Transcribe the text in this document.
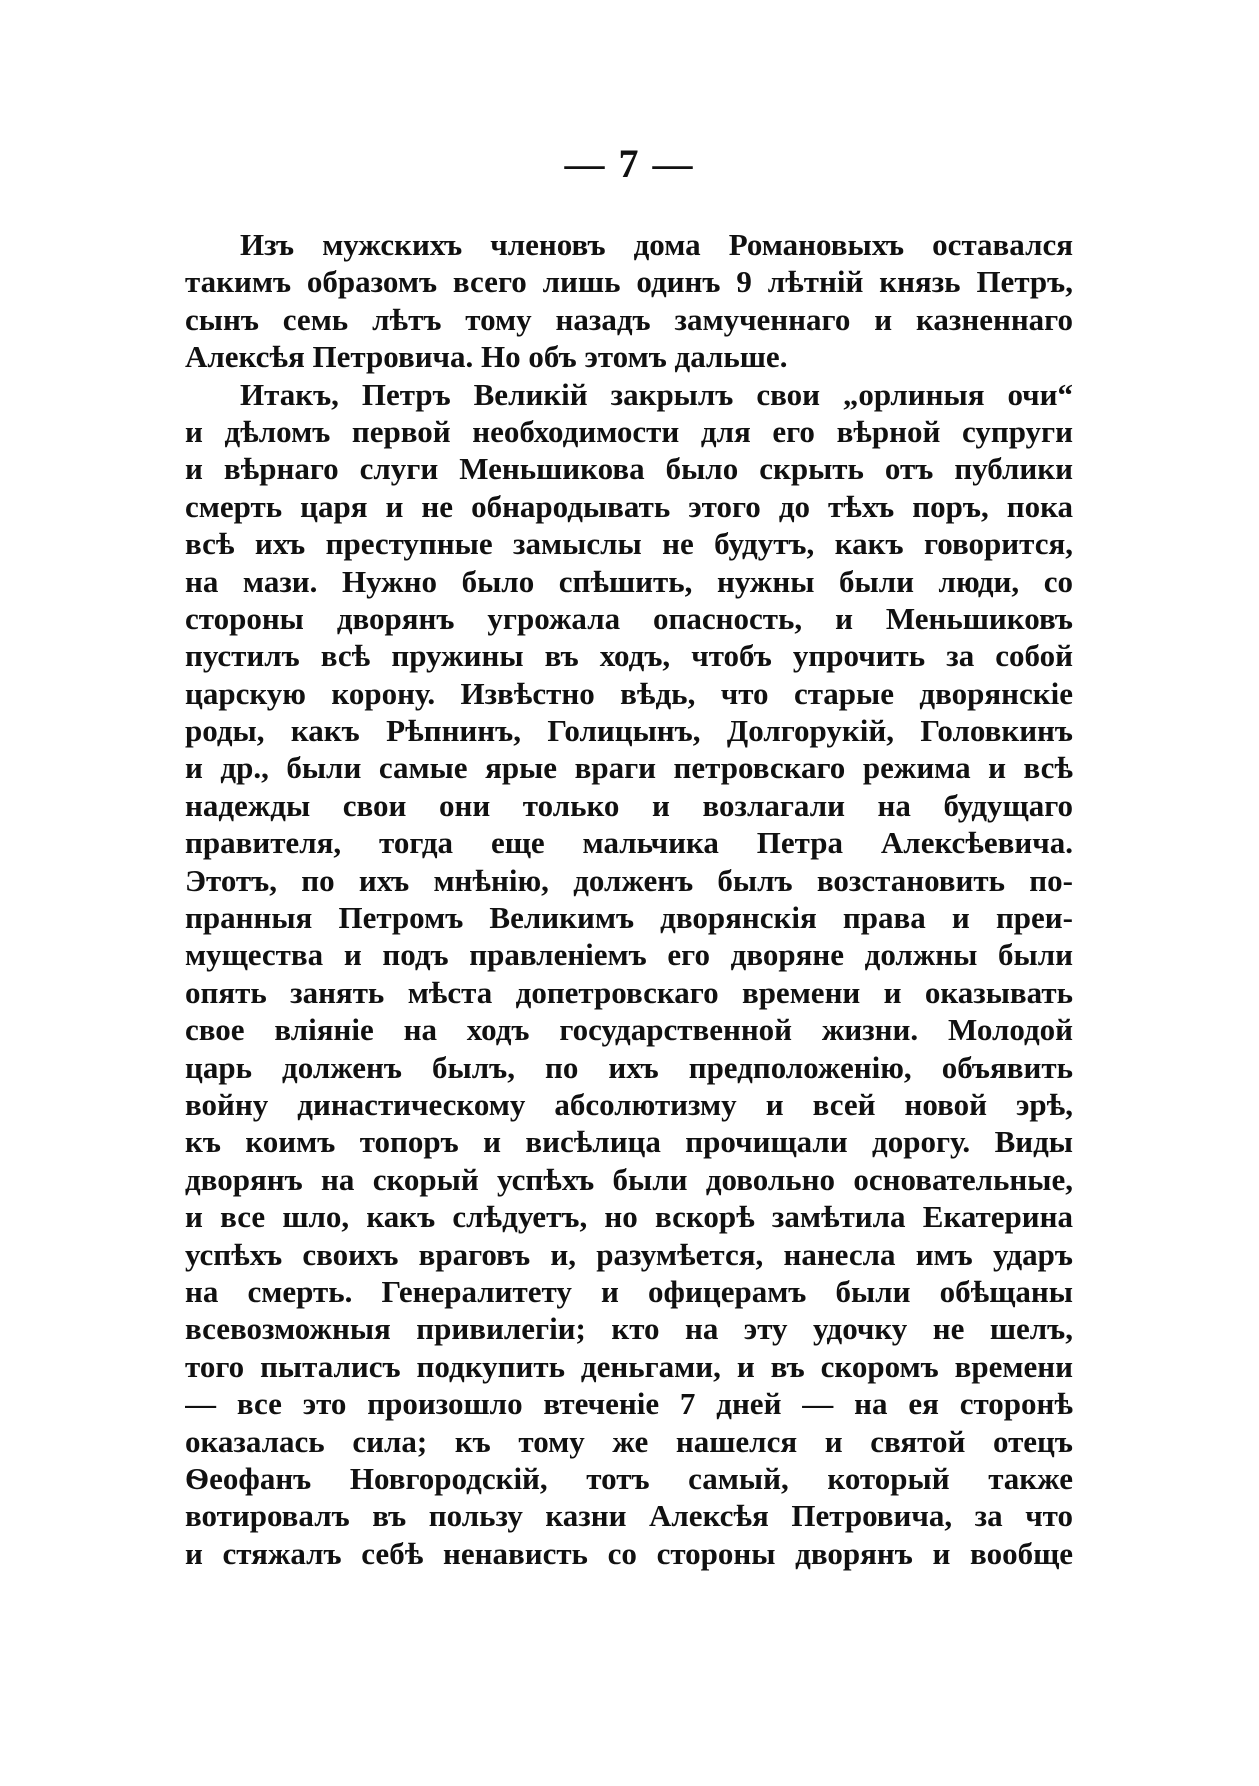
— 7 —
Изъ мужскихъ членовъ дома Романовыхъ оставался
такимъ образомъ всего лишь одинъ 9 лѣтній князь Петръ,
сынъ семь лѣтъ тому назадъ замученнаго и казненнаго
Алексѣя Петровича. Но объ этомъ дальше.
Итакъ, Петръ Великій закрылъ свои „орлиныя очи“
и дѣломъ первой необходимости для его вѣрной супруги
и вѣрнаго слуги Меньшикова было скрыть отъ публики
смерть царя и не обнародывать этого до тѣхъ поръ, пока
всѣ ихъ преступные замыслы не будутъ, какъ говорится,
на мази. Нужно было спѣшить, нужны были люди, со
стороны дворянъ угрожала опасность, и Меньшиковъ
пустилъ всѣ пружины въ ходъ, чтобъ упрочить за собой
царскую корону. Извѣстно вѣдь, что старые дворянскіе
роды, какъ Рѣпнинъ, Голицынъ, Долгорукій, Головкинъ
и др., были самые ярые враги петровскаго режима и всѣ
надежды свои они только и возлагали на будущаго
правителя, тогда еще мальчика Петра Алексѣевича.
Этотъ, по ихъ мнѣнію, долженъ былъ возстановить по-
пранныя Петромъ Великимъ дворянскія права и преи-
мущества и подъ правленіемъ его дворяне должны были
опять занять мѣста допетровскаго времени и оказывать
свое вліяніе на ходъ государственной жизни. Молодой
царь долженъ былъ, по ихъ предположенію, объявить
войну династическому абсолютизму и всей новой эрѣ,
къ коимъ топоръ и висѣлица прочищали дорогу. Виды
дворянъ на скорый успѣхъ были довольно основательные,
и все шло, какъ слѣдуетъ, но вскорѣ замѣтила Екатерина
успѣхъ своихъ враговъ и, разумѣется, нанесла имъ ударъ
на смерть. Генералитету и офицерамъ были обѣщаны
всевозможныя привилегіи; кто на эту удочку не шелъ,
того пыталисъ подкупить деньгами, и въ скоромъ времени
— все это произошло втеченіе 7 дней — на ея сторонѣ
оказалась сила; къ тому же нашелся и святой отецъ
Ѳеофанъ Новгородскій, тотъ самый, который также
вотировалъ въ пользу казни Алексѣя Петровича, за что
и стяжалъ себѣ ненависть со стороны дворянъ и вообще
